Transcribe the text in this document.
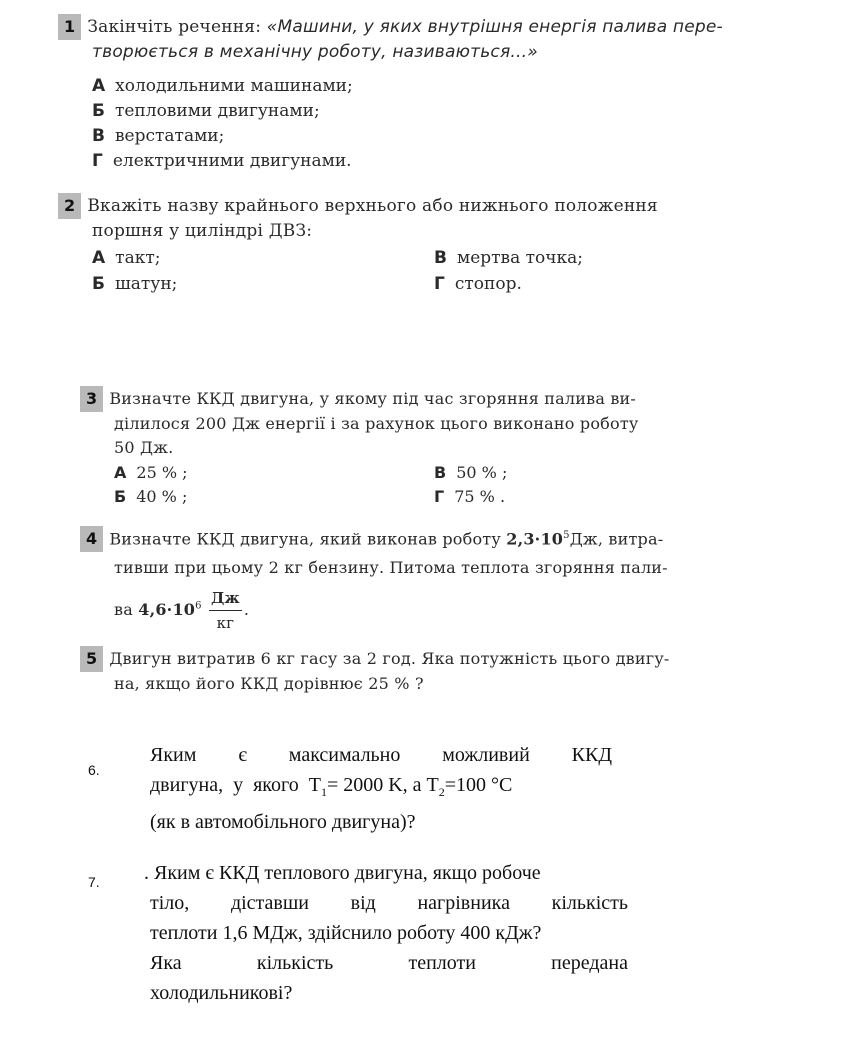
1 Закінчіть речення: «Машини, у яких внутрішня енергія палива пере-
творюється в механічну роботу, називаються...»
А холодильними машинами;
Б тепловими двигунами;
В верстатами;
Г електричними двигунами.
2 Вкажіть назву крайнього верхнього або нижнього положення
поршня у циліндрі ДВЗ:
А такт;
Б шатун;
В мертва точка;
Г стопор.
3 Визначте ККД двигуна, у якому під час згоряння палива ви-
ділилося 200 Дж енергії і за рахунок цього виконано роботу
50 Дж.
А 25 % ;
Б 40 % ;
В 50 % ;
Г 75 % .
4 Визначте ККД двигуна, який виконав роботу $2,3\cdot 10^5Дж$, витра-
тивши при цьому 2 кг бензину. Питома теплота згоряння пали-
ва $4,6\cdot 10^6 \frac{Дж}{кг}$ .
5 Двигун витратив 6 кг гасу за 2 год. Яка потужність цього двигу-
на, якщо його ККД дорівнює 25 % ?
6.
Яким є максимально можливий ККД
двигуна,  у  якого  $T_1= 2000$ K, а $T_2=100$ °C
(як в автомобільного двигуна)?
7. . Яким є ККД теплового двигуна, якщо робоче
тіло, діставши від нагрівника кількість
теплоти 1,6 МДж, здійснило роботу 400 кДж?
Яка	кількість	теплоти	передана
холодильникові?
